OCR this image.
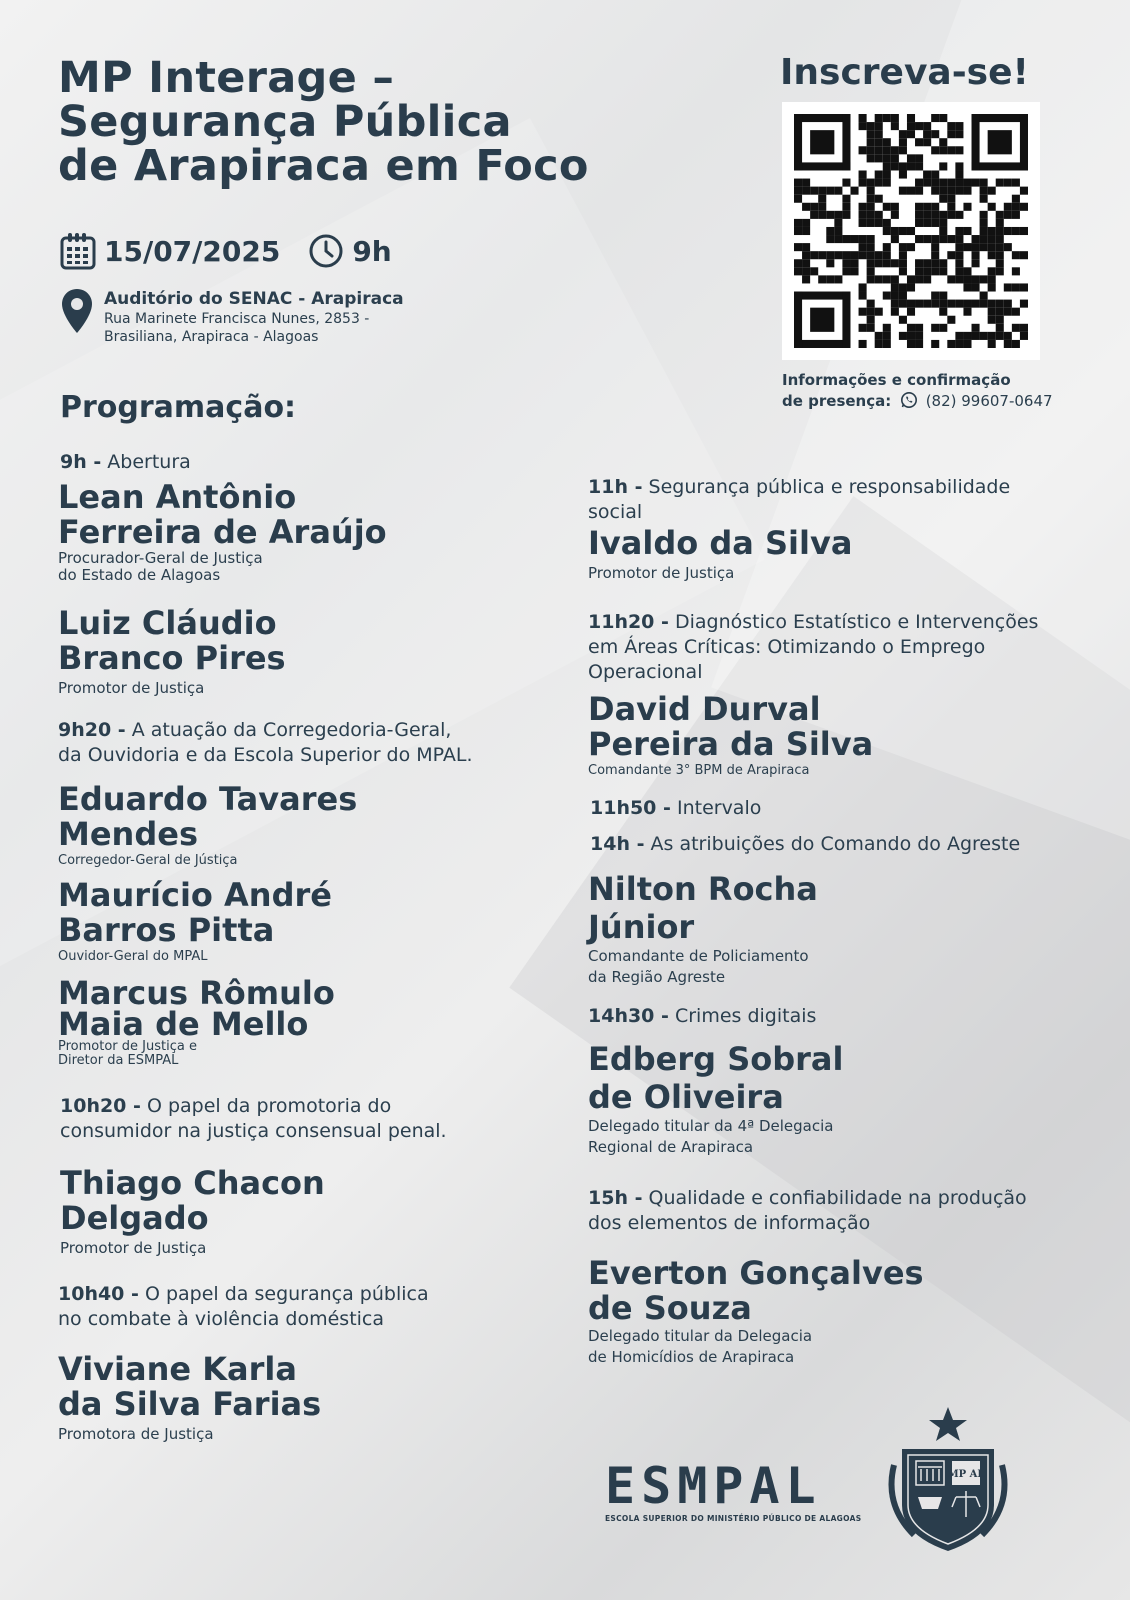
MP Interage –
Segurança Pública
de Arapiraca em Foco
15/07/2025	9h
Auditório do SENAC - Arapiraca
Rua Marinete Francisca Nunes, 2853 -
Brasiliana, Arapiraca - Alagoas
Inscreva-se!
Informações e confirmação
de presença: (82) 99607-0647
Programação:
9h - Abertura
Lean Antônio
Ferreira de Araújo
Procurador-Geral de Justiça
do Estado de Alagoas
Luiz Cláudio
Branco Pires
Promotor de Justiça
9h20 - A atuação da Corregedoria-Geral,
da Ouvidoria e da Escola Superior do MPAL.
Eduardo Tavares
Mendes
Corregedor-Geral de Jústiça
Maurício André
Barros Pitta
Ouvidor-Geral do MPAL
Marcus Rômulo
Maia de Mello
Promotor de Justiça e
Diretor da ESMPAL
10h20 - O papel da promotoria do
consumidor na justiça consensual penal.
Thiago Chacon
Delgado
Promotor de Justiça
10h40 - O papel da segurança pública
no combate à violência doméstica
Viviane Karla
da Silva Farias
Promotora de Justiça
11h - Segurança pública e responsabilidade
social
Ivaldo da Silva
Promotor de Justiça
11h20 - Diagnóstico Estatístico e Intervenções
em Áreas Críticas: Otimizando o Emprego
Operacional
David Durval
Pereira da Silva
Comandante 3° BPM de Arapiraca
11h50 - Intervalo
14h - As atribuições do Comando do Agreste
Nilton Rocha
Júnior
Comandante de Policiamento
da Região Agreste
14h30 - Crimes digitais
Edberg Sobral
de Oliveira
Delegado titular da 4ª Delegacia
Regional de Arapiraca
15h - Qualidade e confiabilidade na produção
dos elementos de informação
Everton Gonçalves
de Souza
Delegado titular da Delegacia
de Homicídios de Arapiraca
ESMPAL
ESCOLA SUPERIOR DO MINISTÉRIO PÚBLICO DE ALAGOAS
MP AL
